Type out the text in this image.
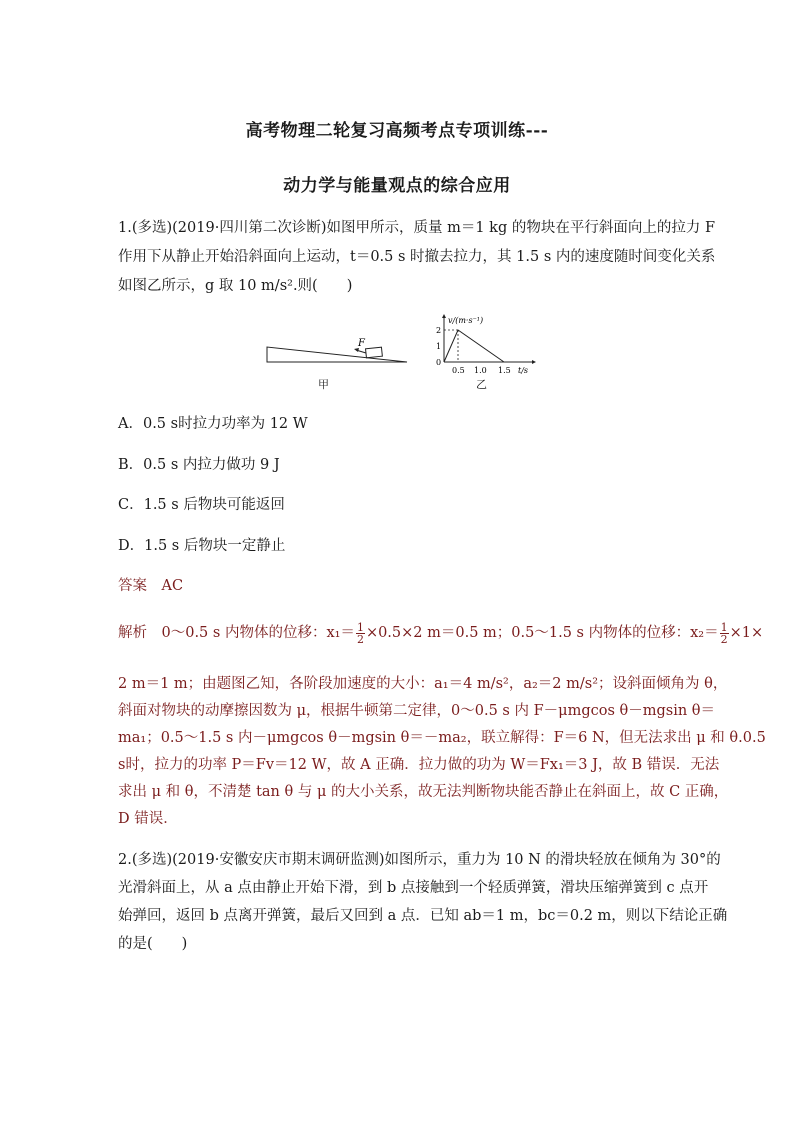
高考物理二轮复习高频考点专项训练---
动力学与能量观点的综合应用
1.(多选)(2019·四川第二次诊断)如图甲所示，质量 m＝1 kg 的物块在平行斜面向上的拉力 F
作用下从静止开始沿斜面向上运动，t＝0.5 s 时撤去拉力，其 1.5 s 内的速度随时间变化关系
如图乙所示，g 取 10 m/s².则(　　)
F
甲
v/(m·s⁻¹)
2
1
0
0.5 1.0 1.5 t/s
乙
A．0.5 s时拉力功率为 12 W
B．0.5 s 内拉力做功 9 J
C．1.5 s 后物块可能返回
D．1.5 s 后物块一定静止
答案　AC
解析　0～0.5 s 内物体的位移：$x_1= \frac{1}{2} \times 0.5\times 2$ m＝0.5 m；0.5～1.5 s 内物体的位移：$x_2= \frac{1}{2} \times 1\times$
2 m＝1 m；由题图乙知，各阶段加速度的大小：a₁＝4 m/s²，a₂＝2 m/s²；设斜面倾角为 θ，
斜面对物块的动摩擦因数为 μ，根据牛顿第二定律，0～0.5 s 内 F－μmgcos θ－mgsin θ＝
ma₁；0.5～1.5 s 内－μmgcos θ－mgsin θ＝－ma₂，联立解得：F＝6 N，但无法求出 μ 和 θ.0.5
s时，拉力的功率 P＝Fv＝12 W，故 A 正确．拉力做的功为 W＝Fx₁＝3 J，故 B 错误．无法
求出 μ 和 θ，不清楚 tan θ 与 μ 的大小关系，故无法判断物块能否静止在斜面上，故 C 正确，
D 错误．
2.(多选)(2019·安徽安庆市期末调研监测)如图所示，重力为 10 N 的滑块轻放在倾角为 30°的
光滑斜面上，从 a 点由静止开始下滑，到 b 点接触到一个轻质弹簧，滑块压缩弹簧到 c 点开
始弹回，返回 b 点离开弹簧，最后又回到 a 点．已知 ab＝1 m，bc＝0.2 m，则以下结论正确
的是(　　)
